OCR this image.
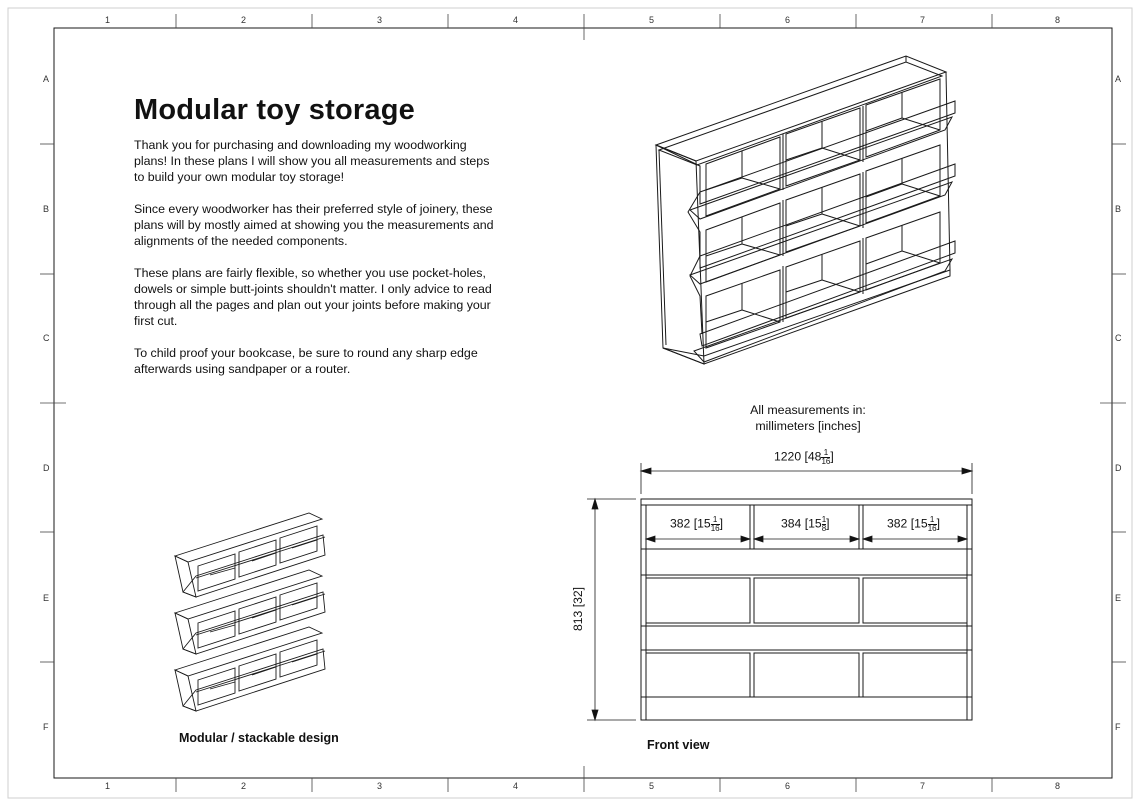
1	2	3	4	5	6	7	8
1	2	3	4	5	6	7	8
A
B
C
D
E
F
A
B
C
D
E
F
Modular toy storage

Thank you for purchasing and downloading my woodworking plans! In these plans I will show you all measurements and steps to build your own modular toy storage!

Since every woodworker has their preferred style of joinery, these plans will by mostly aimed at showing you the measurements and alignments of the needed components.

These plans are fairly flexible, so whether you use pocket-holes, dowels or simple butt-joints shouldn't matter. I only advice to read through all the pages and plan out your joints before making your first cut.

To child proof your bookcase, be sure to round any sharp edge afterwards using sandpaper or a router.

All measurements in:
millimeters [inches]
1220 [$48 \frac{1}{16}$ ]
813 [32]
382 [$15 \frac{1}{16}$ ]	384 [$15 \frac{1}{8}$ ]	382 [$15 \frac{1}{16}$ ]
Modular / stackable design	Front view
